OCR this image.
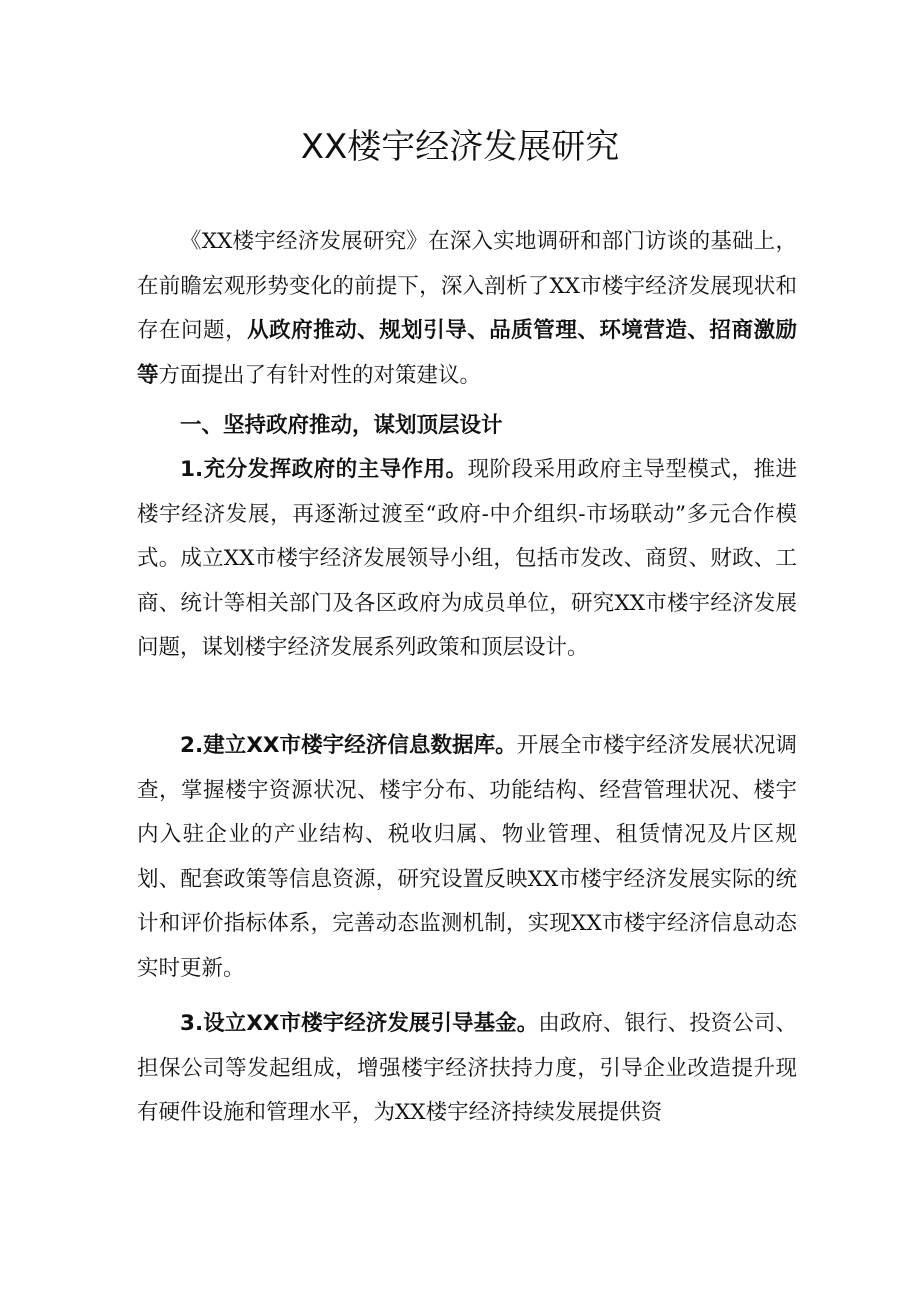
XX楼宇经济发展研究

《XX楼宇经济发展研究》在深入实地调研和部门访谈的基础上，在前瞻宏观形势变化的前提下，深入剖析了XX市楼宇经济发展现状和存在问题，从政府推动、规划引导、品质管理、环境营造、招商激励等方面提出了有针对性的对策建议。

一、坚持政府推动，谋划顶层设计

1.充分发挥政府的主导作用。现阶段采用政府主导型模式，推进楼宇经济发展，再逐渐过渡至“政府-中介组织-市场联动”多元合作模式。成立XX市楼宇经济发展领导小组，包括市发改、商贸、财政、工商、统计等相关部门及各区政府为成员单位，研究XX市楼宇经济发展问题，谋划楼宇经济发展系列政策和顶层设计。

2.建立XX市楼宇经济信息数据库。开展全市楼宇经济发展状况调查，掌握楼宇资源状况、楼宇分布、功能结构、经营管理状况、楼宇内入驻企业的产业结构、税收归属、物业管理、租赁情况及片区规划、配套政策等信息资源，研究设置反映XX市楼宇经济发展实际的统计和评价指标体系，完善动态监测机制，实现XX市楼宇经济信息动态实时更新。

3.设立XX市楼宇经济发展引导基金。由政府、银行、投资公司、担保公司等发起组成，增强楼宇经济扶持力度，引导企业改造提升现有硬件设施和管理水平，为XX楼宇经济持续发展提供资
